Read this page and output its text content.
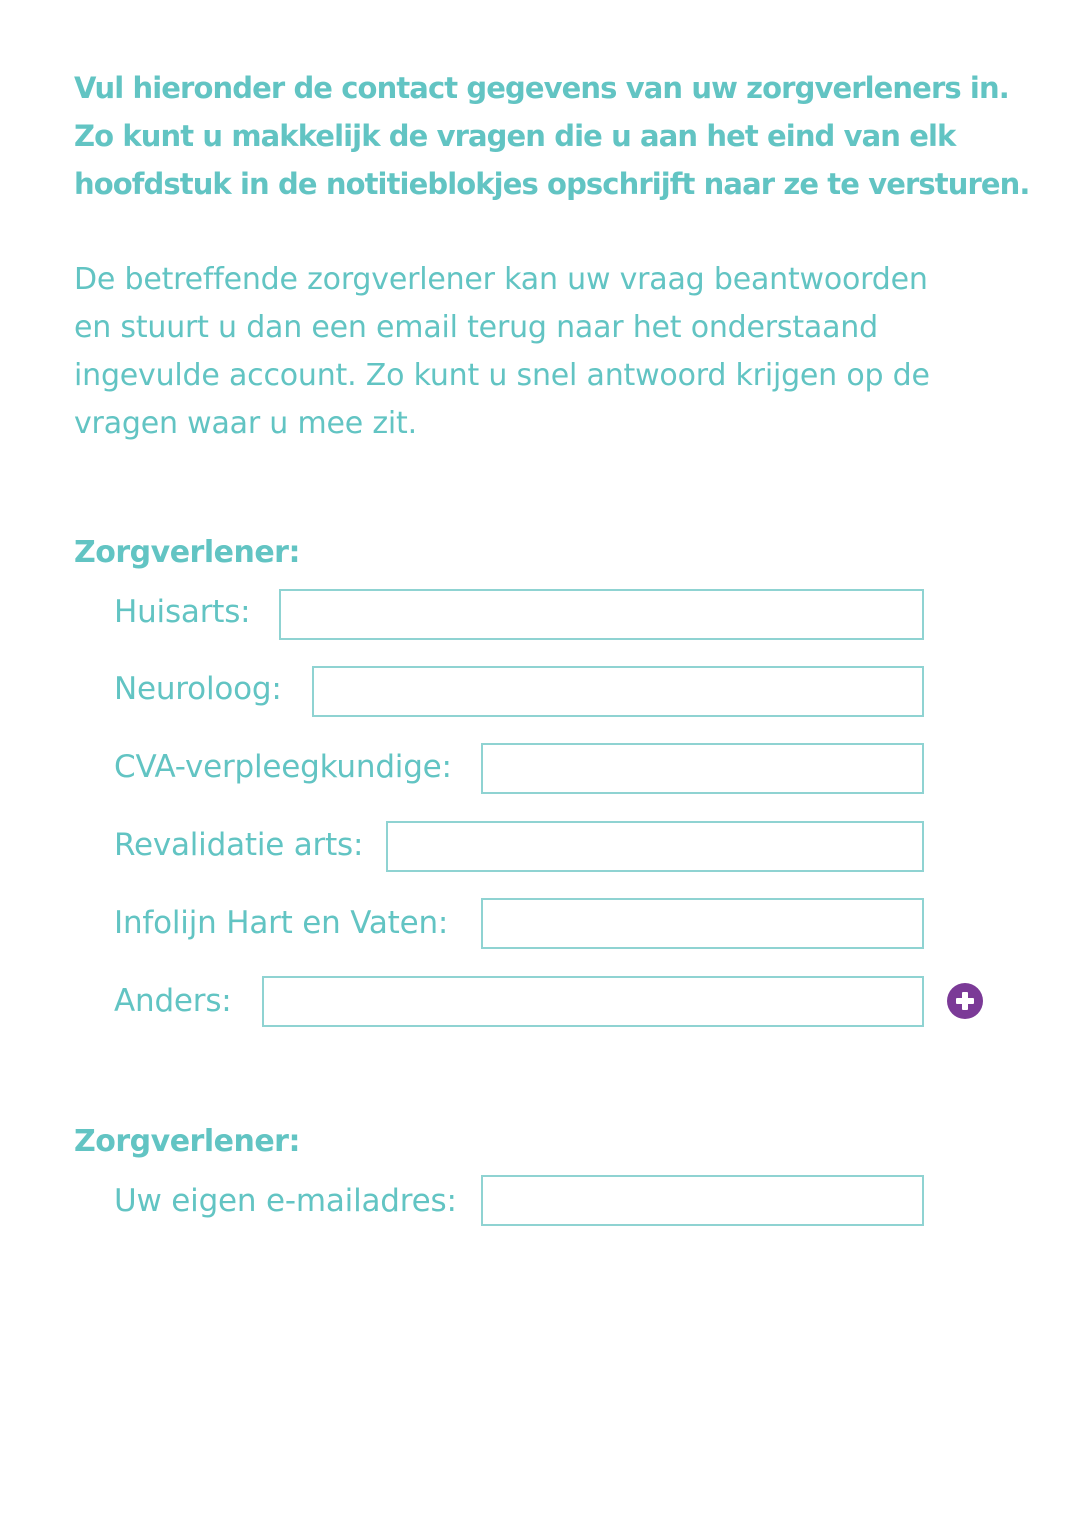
Vul hieronder de contact gegevens van uw zorgverleners in.
Zo kunt u makkelijk de vragen die u aan het eind van elk
hoofdstuk in de notitieblokjes opschrijft naar ze te versturen.
De betreffende zorgverlener kan uw vraag beantwoorden
en stuurt u dan een email terug naar het onderstaand
ingevulde account. Zo kunt u snel antwoord krijgen op de
vragen waar u mee zit.
Zorgverlener:
Huisarts:
Neuroloog:
CVA-verpleegkundige:
Revalidatie arts:
Infolijn Hart en Vaten:
Anders:
Zorgverlener:
Uw eigen e-mailadres:
